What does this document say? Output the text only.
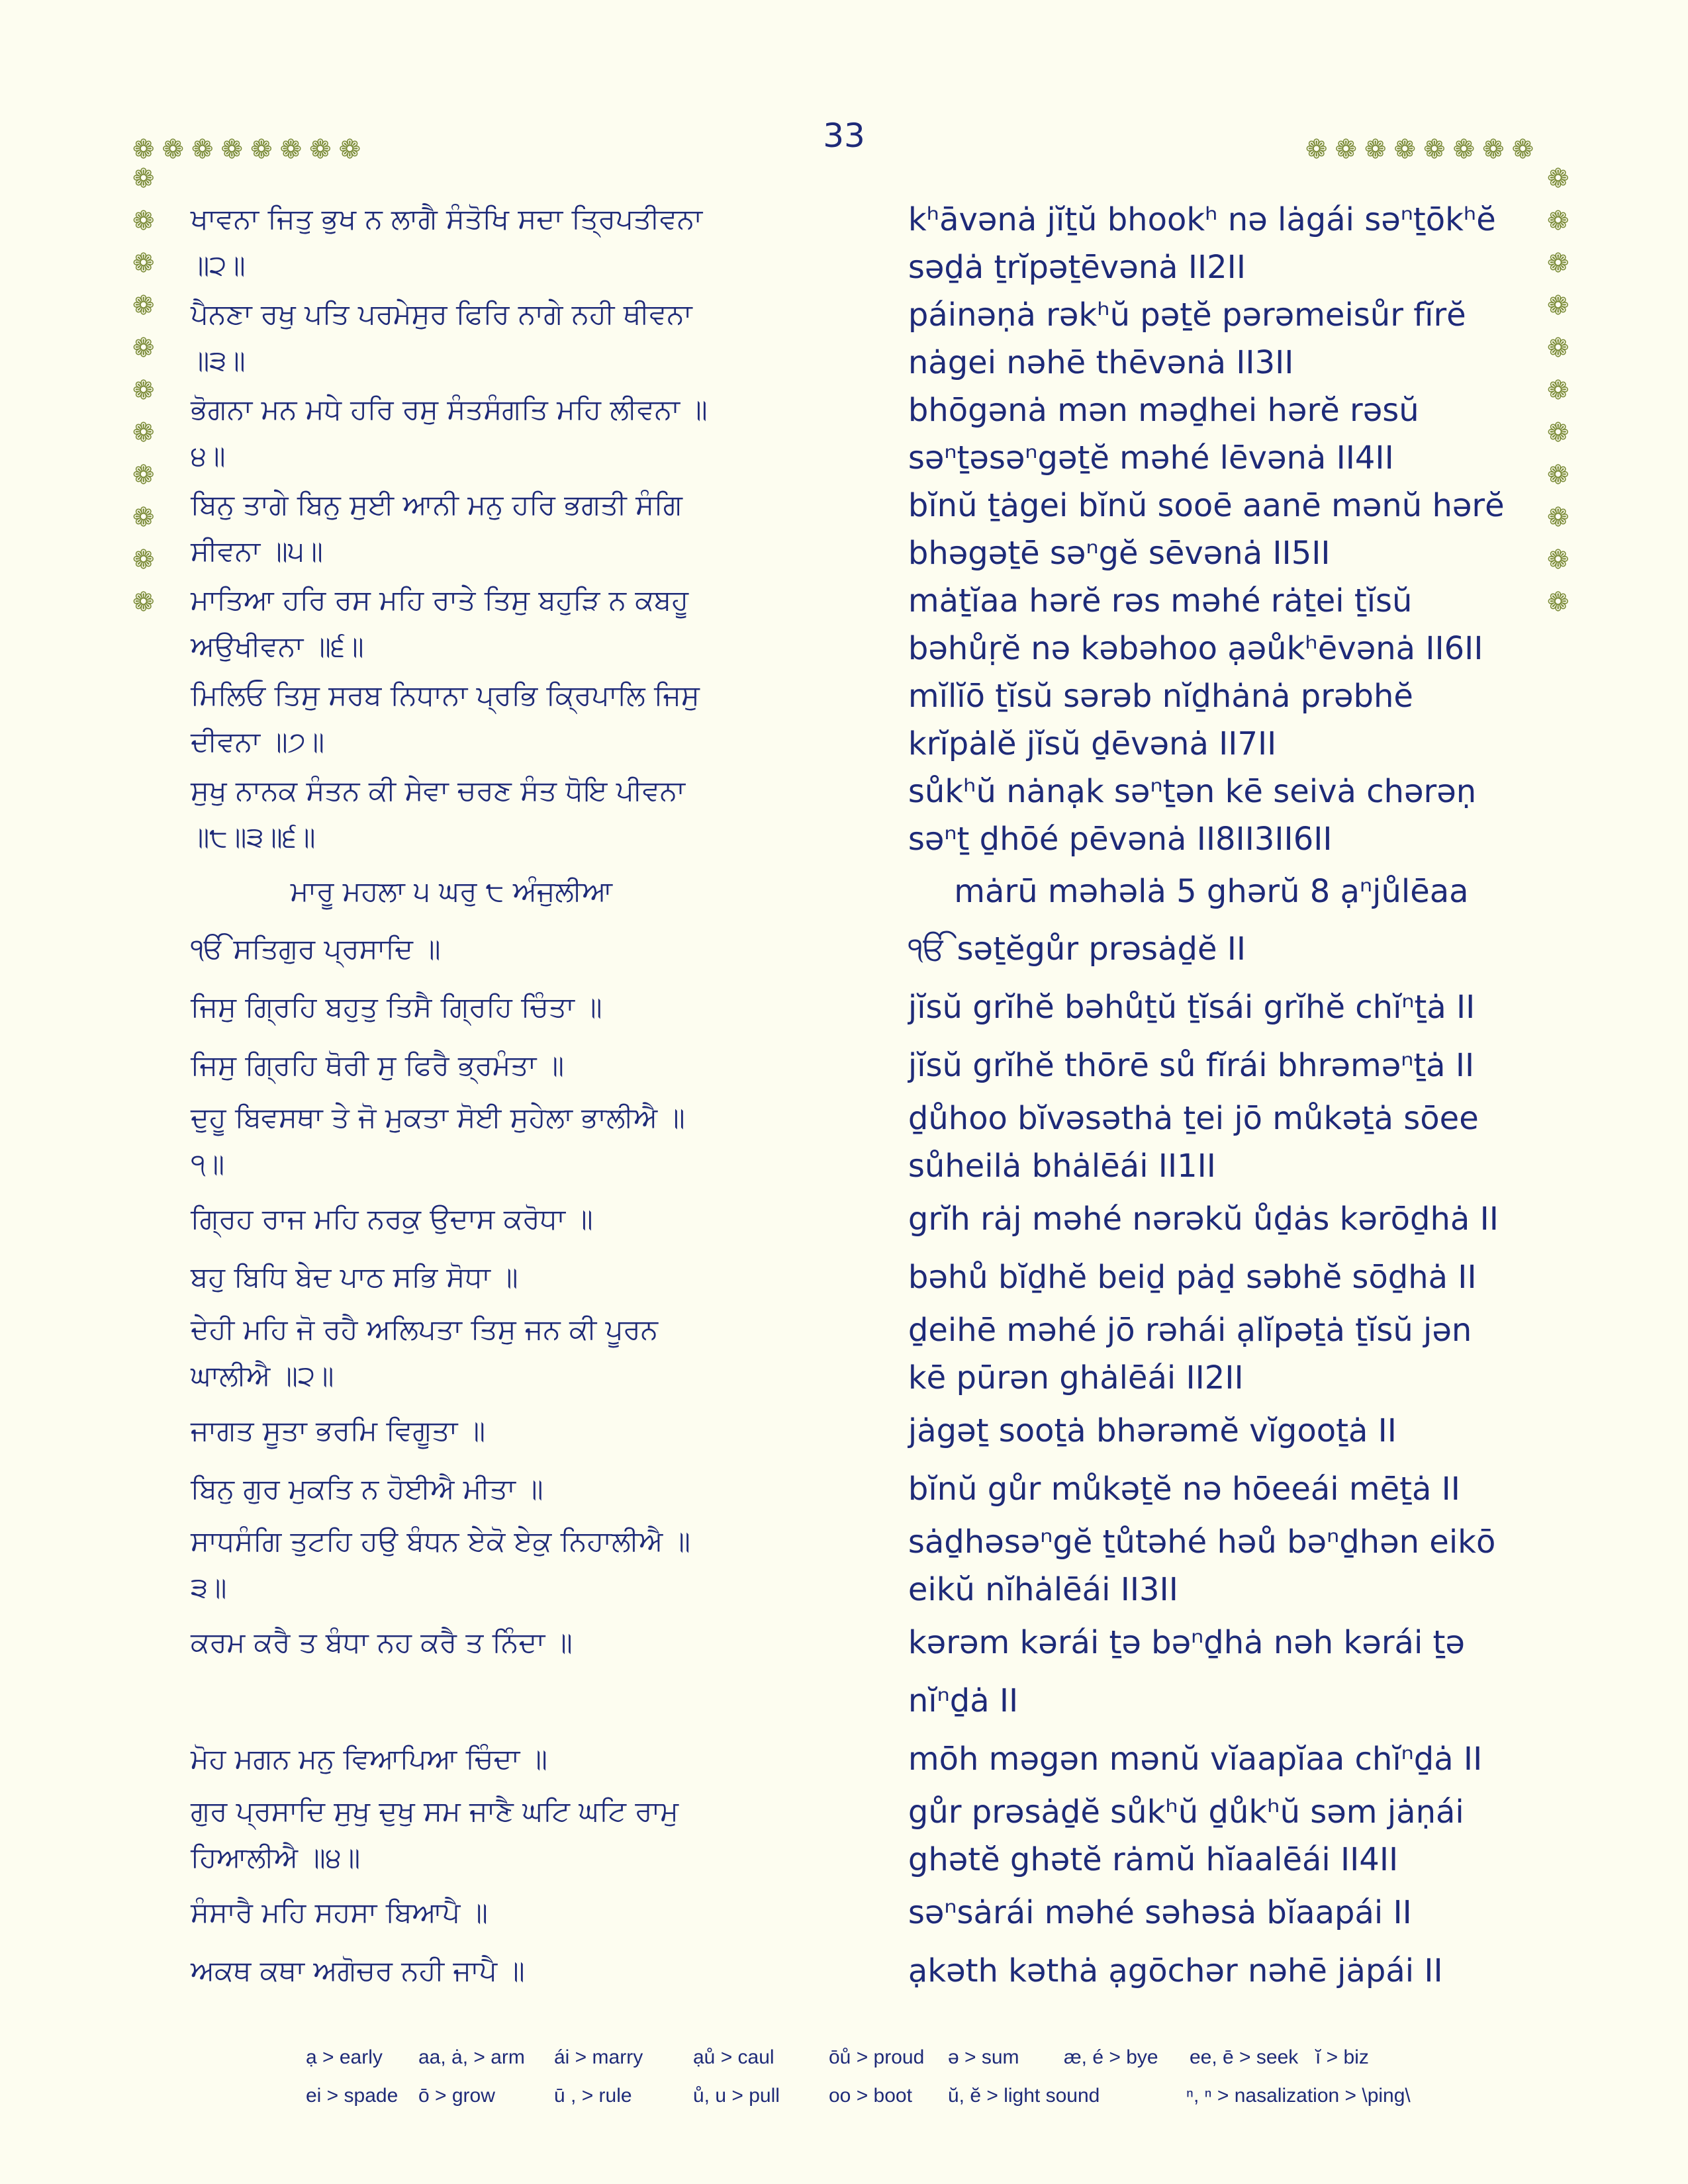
33
❁ ❁ ❁ ❁ ❁ ❁ ❁ ❁	❁ ❁ ❁ ❁ ❁ ❁ ❁ ❁
❁
❁
❁
❁
❁
❁
❁
❁
❁
❁
❁
❁
❁
❁
❁
❁
❁
❁
❁
❁
❁
❁
ਖਾਵਨਾ ਜਿਤੁ ਭੁਖ ਨ ਲਾਗੈ ਸੰਤੋਖਿ ਸਦਾ ਤ੍ਰਿਪਤੀਵਨਾ ॥੨॥
kʰāvənȧ jĭṯŭ bhookʰ nə lȧgái səⁿṯōkʰĕ səḏȧ ṯrĭpəṯēvənȧ II2II
ਪੈਨਣਾ ਰਖੁ ਪਤਿ ਪਰਮੇਸੁਰ ਫਿਰਿ ਨਾਗੇ ਨਹੀ ਥੀਵਨਾ ॥੩॥
páinəṇȧ rəkʰŭ pəṯĕ pərəmeisůr fĭrĕ nȧgei nəhē thēvənȧ II3II
ਭੋਗਨਾ ਮਨ ਮਧੇ ਹਰਿ ਰਸੁ ਸੰਤਸੰਗਤਿ ਮਹਿ ਲੀਵਨਾ ॥੪॥
bhōgənȧ mən məḏhei hərĕ rəsŭ səⁿṯəsəⁿgəṯĕ məhé lēvənȧ II4II
ਬਿਨੁ ਤਾਗੇ ਬਿਨੁ ਸੁਈ ਆਨੀ ਮਨੁ ਹਰਿ ਭਗਤੀ ਸੰਗਿ ਸੀਵਨਾ ॥੫॥
bĭnŭ ṯȧgei bĭnŭ sooē aanē mənŭ hərĕ bhəgəṯē səⁿgĕ sēvənȧ II5II
ਮਾਤਿਆ ਹਰਿ ਰਸ ਮਹਿ ਰਾਤੇ ਤਿਸੁ ਬਹੁੜਿ ਨ ਕਬਹੂ ਅਉਖੀਵਨਾ ॥੬॥
mȧṯĭaa hərĕ rəs məhé rȧṯei ṯĭsŭ bəhůṛĕ nə kəbəhoo ạəůkʰēvənȧ II6II
ਮਿਲਿਓ ਤਿਸੁ ਸਰਬ ਨਿਧਾਨਾ ਪ੍ਰਭਿ ਕ੍ਰਿਪਾਲਿ ਜਿਸੁ ਦੀਵਨਾ ॥੭॥
mĭlĭō ṯĭsŭ sərəb nĭḏhȧnȧ prəbhĕ krĭpȧlĕ jĭsŭ ḏēvənȧ II7II
ਸੁਖੁ ਨਾਨਕ ਸੰਤਨ ਕੀ ਸੇਵਾ ਚਰਣ ਸੰਤ ਧੋਇ ਪੀਵਨਾ ॥੮॥੩॥੬॥
sůkʰŭ nȧnạk səⁿṯən kē seivȧ chərəṇ səⁿṯ ḏhōé pēvənȧ II8II3II6II
ਮਾਰੂ ਮਹਲਾ ੫ ਘਰੁ ੮ ਅੰਜੁਲੀਆ	mȧrū məhəlȧ 5 ghərŭ 8 ạⁿjůlēaa
ੴ ਸਤਿਗੁਰ ਪ੍ਰਸਾਦਿ ॥	ੴ səṯĕgůr prəsȧḏĕ II
ਜਿਸੁ ਗ੍ਰਿਹਿ ਬਹੁਤੁ ਤਿਸੈ ਗ੍ਰਿਹਿ ਚਿੰਤਾ ॥	jĭsŭ grĭhĕ bəhůṯŭ ṯĭsái grĭhĕ chĭⁿṯȧ II
ਜਿਸੁ ਗ੍ਰਿਹਿ ਥੋਰੀ ਸੁ ਫਿਰੈ ਭ੍ਰਮੰਤਾ ॥	jĭsŭ grĭhĕ thōrē sů fĭrái bhrəməⁿṯȧ II
ਦੁਹੂ ਬਿਵਸਥਾ ਤੇ ਜੋ ਮੁਕਤਾ ਸੋਈ ਸੁਹੇਲਾ ਭਾਲੀਐ ॥੧॥
ḏůhoo bĭvəsəthȧ ṯei jō můkəṯȧ sōee sůheilȧ bhȧlēái II1II
ਗ੍ਰਿਹ ਰਾਜ ਮਹਿ ਨਰਕੁ ਉਦਾਸ ਕਰੋਧਾ ॥	grĭh rȧj məhé nərəkŭ ůḏȧs kərōḏhȧ II
ਬਹੁ ਬਿਧਿ ਬੇਦ ਪਾਠ ਸਭਿ ਸੋਧਾ ॥	bəhů bĭḏhĕ beiḏ pȧḏ səbhĕ sōḏhȧ II
ਦੇਹੀ ਮਹਿ ਜੋ ਰਹੈ ਅਲਿਪਤਾ ਤਿਸੁ ਜਨ ਕੀ ਪੂਰਨ ਘਾਲੀਐ ॥੨॥
ḏeihē məhé jō rəhái ạlĭpəṯȧ ṯĭsŭ jən kē pūrən ghȧlēái II2II
ਜਾਗਤ ਸੂਤਾ ਭਰਮਿ ਵਿਗੂਤਾ ॥	jȧgəṯ sooṯȧ bhərəmĕ vĭgooṯȧ II
ਬਿਨੁ ਗੁਰ ਮੁਕਤਿ ਨ ਹੋਈਐ ਮੀਤਾ ॥	bĭnŭ gůr můkəṯĕ nə hōeeái mēṯȧ II
ਸਾਧਸੰਗਿ ਤੁਟਹਿ ਹਉ ਬੰਧਨ ਏਕੋ ਏਕੁ ਨਿਹਾਲੀਐ ॥੩॥
sȧḏhəsəⁿgĕ ṯůtəhé həů bəⁿḏhən eikō eikŭ nĭhȧlēái II3II
ਕਰਮ ਕਰੈ ਤ ਬੰਧਾ ਨਹ ਕਰੈ ਤ ਨਿੰਦਾ ॥	kərəm kərái ṯə bəⁿḏhȧ nəh kərái ṯə nĭⁿḏȧ II
ਮੋਹ ਮਗਨ ਮਨੁ ਵਿਆਪਿਆ ਚਿੰਦਾ ॥	mōh məgən mənŭ vĭaapĭaa chĭⁿḏȧ II
ਗੁਰ ਪ੍ਰਸਾਦਿ ਸੁਖੁ ਦੁਖੁ ਸਮ ਜਾਣੈ ਘਟਿ ਘਟਿ ਰਾਮੁ ਹਿਆਲੀਐ ॥੪॥
gůr prəsȧḏĕ sůkʰŭ ḏůkʰŭ səm jȧṇái ghətĕ ghətĕ rȧmŭ hĭaalēái II4II
ਸੰਸਾਰੈ ਮਹਿ ਸਹਸਾ ਬਿਆਪੈ ॥	səⁿsȧrái məhé səhəsȧ bĭaapái II
ਅਕਥ ਕਥਾ ਅਗੋਚਰ ਨਹੀ ਜਾਪੈ ॥	ạkəth kəthȧ ạgōchər nəhē jȧpái II
ạ > early	aa, ȧ, > arm	ái > marry	ạů > caul	ōů > proud	ə > sum	æ, é > bye	ee, ē > seek ĭ > biz
ei > spade	ō > grow	ū , > rule	ů, u > pull	oo > boot	ŭ, ĕ > light sound	ⁿ, ⁿ > nasalization > \ping\
